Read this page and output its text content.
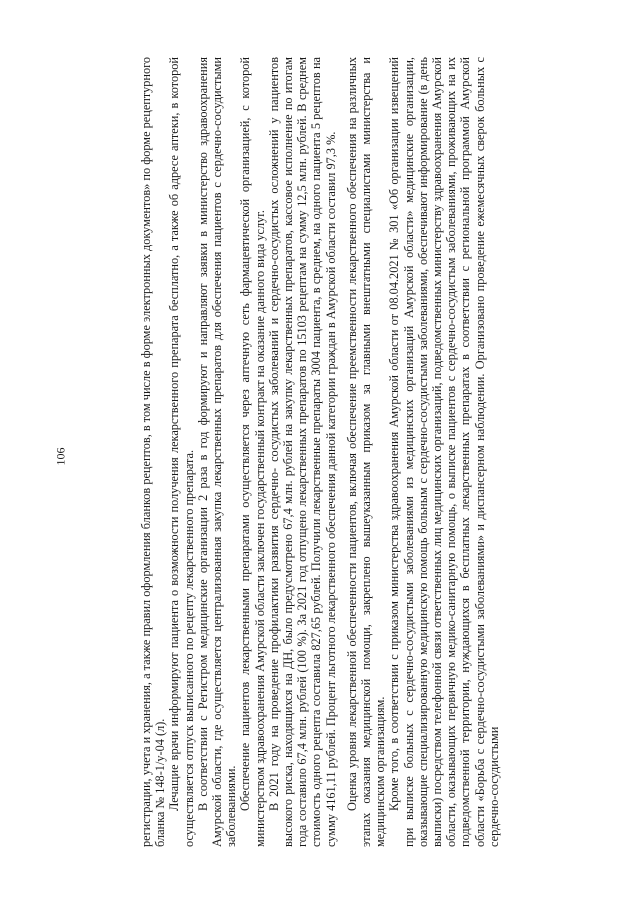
106	регистрации, учета и хранения, а также правил оформления бланков рецептов, в том числе в форме электронных документов» по форме рецептурного бланка № 148-1/у-04 (л). Лечащие врачи информируют пациента о возможности получения лекарственного препарата бесплатно, а также об адресе аптеки, в которой осуществляется отпуск выписанного по рецепту лекарственного препарата. В соответствии с Регистром медицинские организации 2 раза в год формируют и направляют заявки в министерство здравоохранения Амурской области, где осуществляется централизованная закупка лекарственных препаратов для обеспечения пациентов с сердечно-сосудистыми заболеваниями. Обеспечение пациентов лекарственными препаратами осуществляется через аптечную сеть фармацевтической организацией, с которой министерством здравоохранения Амурской области заключен государственный контракт на оказание данного вида услуг. В 2021 году на проведение профилактики развития сердечно- сосудистых заболеваний и сердечно-сосудистых осложнений у пациентов высокого риска, находящихся на ДН, было предусмотрено 67,4 млн. рублей на закупку лекарственных препаратов, кассовое исполнение по итогам года составило 67,4 млн. рублей (100 %). За 2021 год отпущено лекарственных препаратов по 15103 рецептам на сумму 12,5 млн. рублей. В среднем стоимость одного рецепта составила 827,65 рублей. Получили лекарственные препараты 3004 пациента, в среднем, на одного пациента 5 рецептов на сумму 4161,11 рублей. Процент льготного лекарственного обеспечения данной категории граждан в Амурской области составил 97,3 %. Оценка уровня лекарственной обеспеченности пациентов, включая обеспечение преемственности лекарственного обеспечения на различных этапах оказания медицинской помощи, закреплено вышеуказанным приказом за главными внештатными специалистами министерства и медицинским организациям. Кроме того, в соответствии с приказом министерства здравоохранения Амурской области от 08.04.2021 № 301 «Об организации извещений при выписке больных с сердечно-сосудистыми заболеваниями из медицинских организаций Амурской области» медицинские организации, оказывающие специализированную медицинскую помощь больным с сердечно-сосудистыми заболеваниями, обеспечивают информирование (в день выписки) посредством телефонной связи ответственных лиц медицинских организаций, подведомственных министерству здравоохранения Амурской области, оказывающих первичную медико-санитарную помощь, о выписке пациентов с сердечно-сосудистым заболеваниями, проживающих на их подведомственной территории, нуждающихся в бесплатных лекарственных препаратах в соответствии с региональной программой Амурской области «Борьба с сердечно-сосудистыми заболеваниями» и диспансерном наблюдении. Организовано проведение ежемесячных сверок больных с сердечно-сосудистыми
